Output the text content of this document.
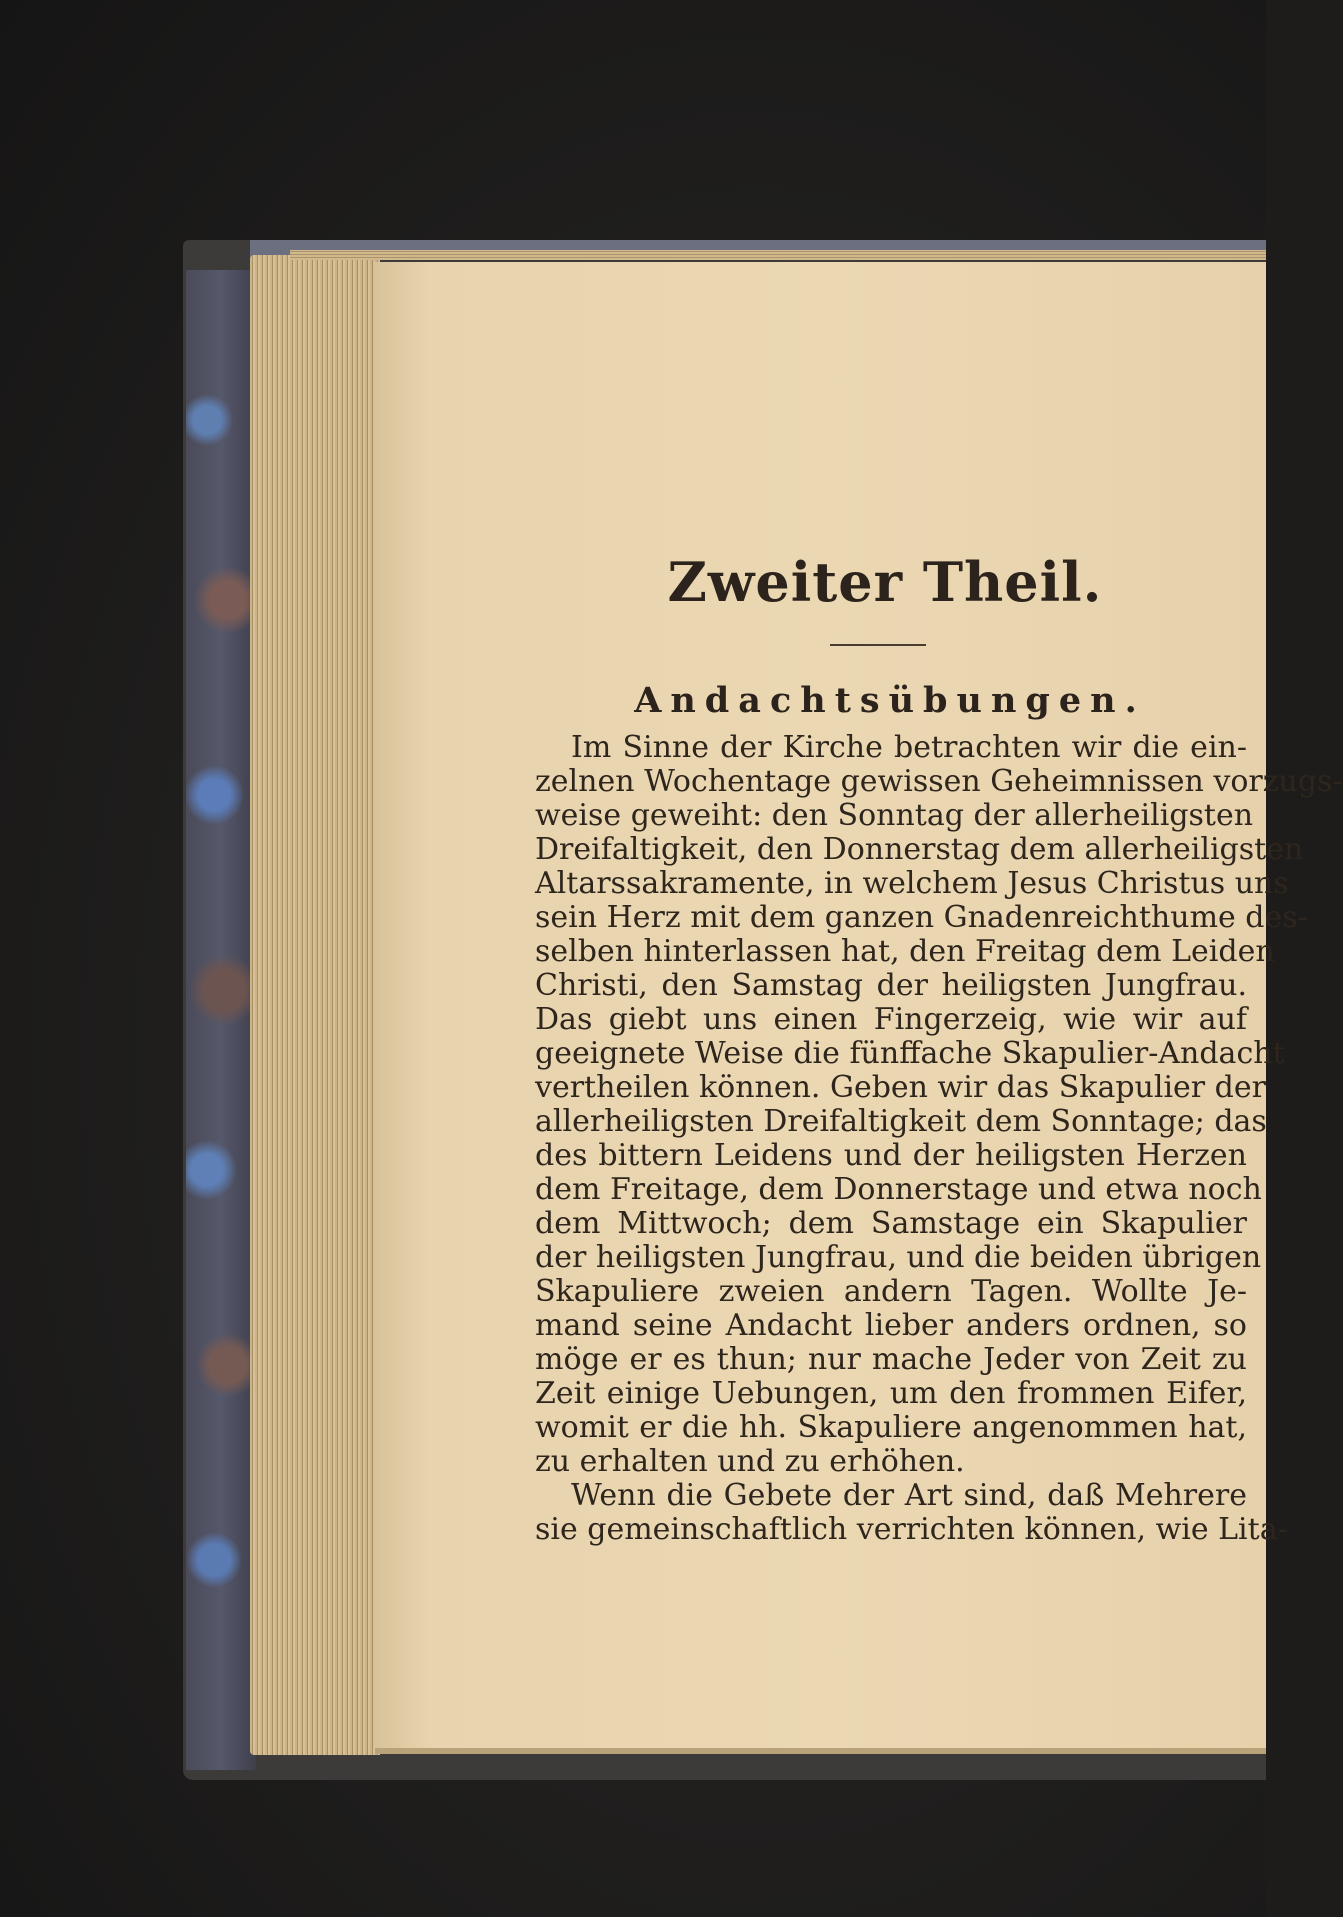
Zweiter Theil.
Andachtsübungen.
Im Sinne der Kirche betrachten wir die ein-
zelnen Wochentage gewissen Geheimnissen vorzugs-
weise geweiht: den Sonntag der allerheiligsten
Dreifaltigkeit, den Donnerstag dem allerheiligsten
Altarssakramente, in welchem Jesus Christus uns
sein Herz mit dem ganzen Gnadenreichthume des-
selben hinterlassen hat, den Freitag dem Leiden
Christi, den Samstag der heiligsten Jungfrau.
Das giebt uns einen Fingerzeig, wie wir auf
geeignete Weise die fünffache Skapulier-Andacht
vertheilen können. Geben wir das Skapulier der
allerheiligsten Dreifaltigkeit dem Sonntage; das
des bittern Leidens und der heiligsten Herzen
dem Freitage, dem Donnerstage und etwa noch
dem Mittwoch; dem Samstage ein Skapulier
der heiligsten Jungfrau, und die beiden übrigen
Skapuliere zweien andern Tagen. Wollte Je-
mand seine Andacht lieber anders ordnen, so
möge er es thun; nur mache Jeder von Zeit zu
Zeit einige Uebungen, um den frommen Eifer,
womit er die hh. Skapuliere angenommen hat,
zu erhalten und zu erhöhen.
Wenn die Gebete der Art sind, daß Mehrere
sie gemeinschaftlich verrichten können, wie Lita-
